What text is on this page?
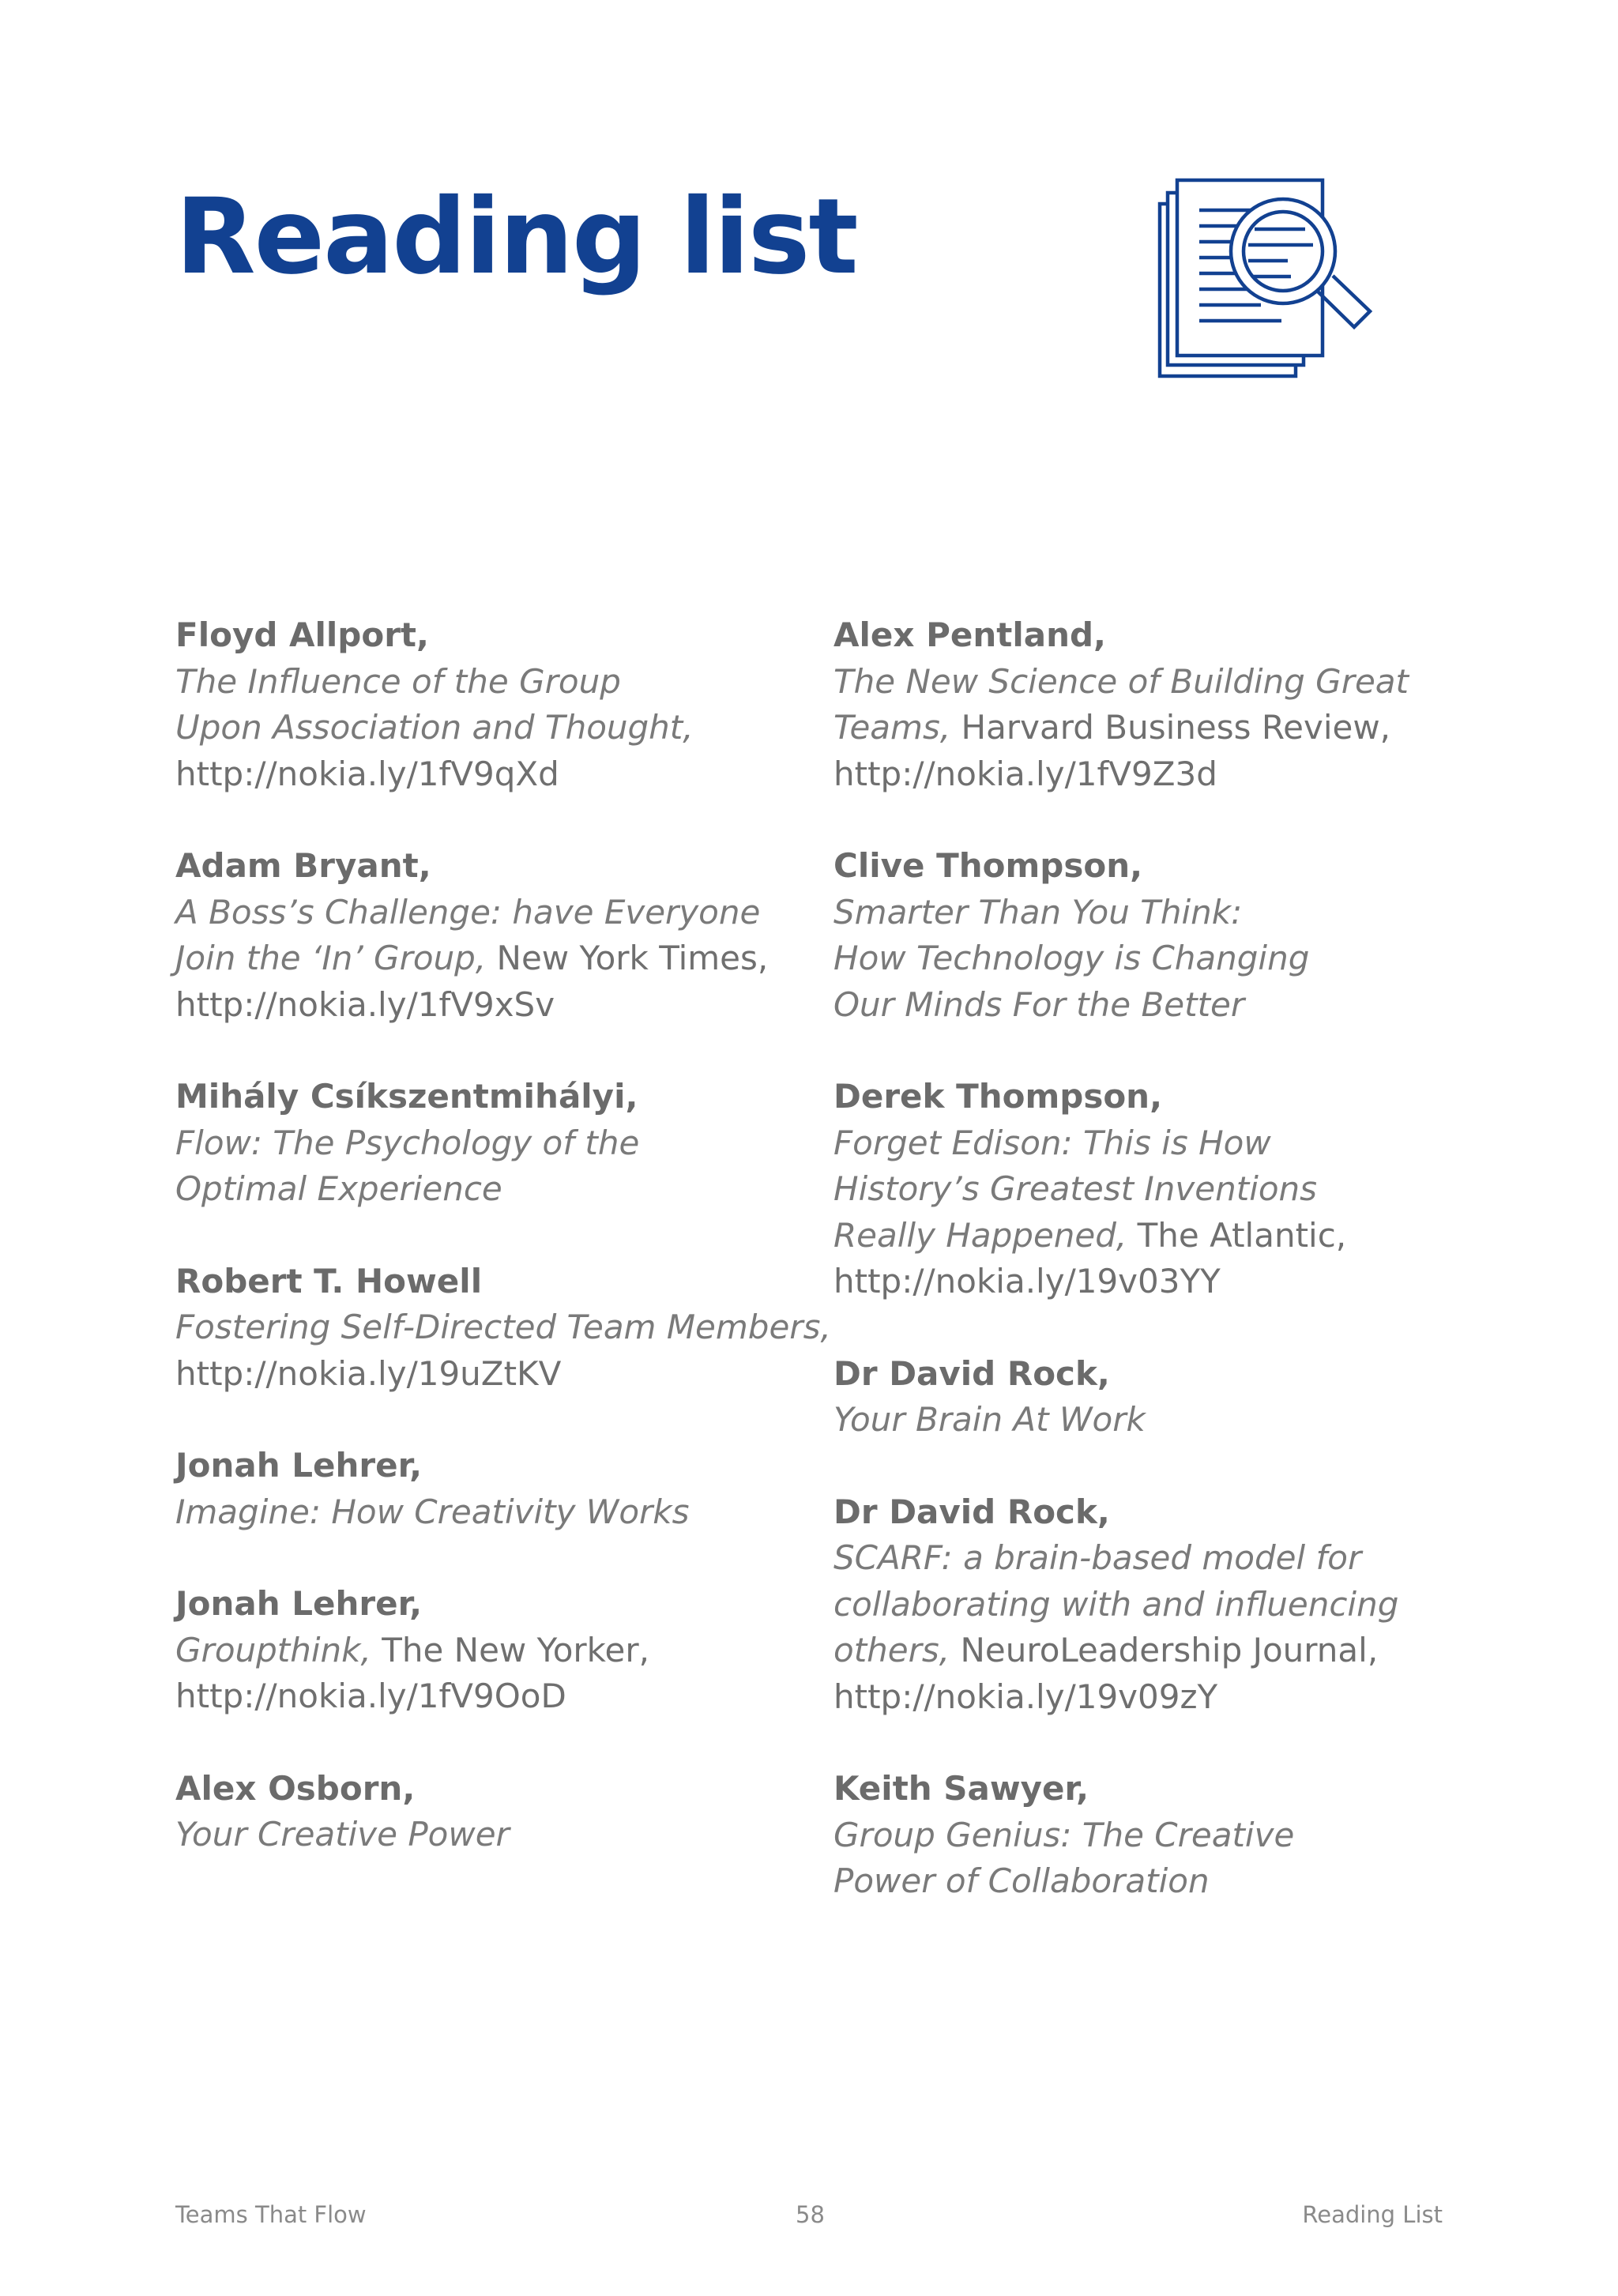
Reading list
Floyd Allport,
The Influence of the Group
Upon Association and Thought,
http://nokia.ly/1fV9qXd
Adam Bryant,
A Boss’s Challenge: have Everyone
Join the ‘In’ Group, New York Times,
http://nokia.ly/1fV9xSv
Mihály Csíkszentmihályi,
Flow: The Psychology of the
Optimal Experience
Robert T. Howell
Fostering Self-Directed Team Members,
http://nokia.ly/19uZtKV
Jonah Lehrer,
Imagine: How Creativity Works
Jonah Lehrer,
Groupthink, The New Yorker,
http://nokia.ly/1fV9OoD
Alex Osborn,
Your Creative Power
Alex Pentland,
The New Science of Building Great
Teams, Harvard Business Review,
http://nokia.ly/1fV9Z3d
Clive Thompson,
Smarter Than You Think:
How Technology is Changing
Our Minds For the Better
Derek Thompson,
Forget Edison: This is How
History’s Greatest Inventions
Really Happened, The Atlantic,
http://nokia.ly/19v03YY
Dr David Rock,
Your Brain At Work
Dr David Rock,
SCARF: a brain-based model for
collaborating with and influencing
others, NeuroLeadership Journal,
http://nokia.ly/19v09zY
Keith Sawyer,
Group Genius: The Creative
Power of Collaboration
Teams That Flow	58	Reading List
